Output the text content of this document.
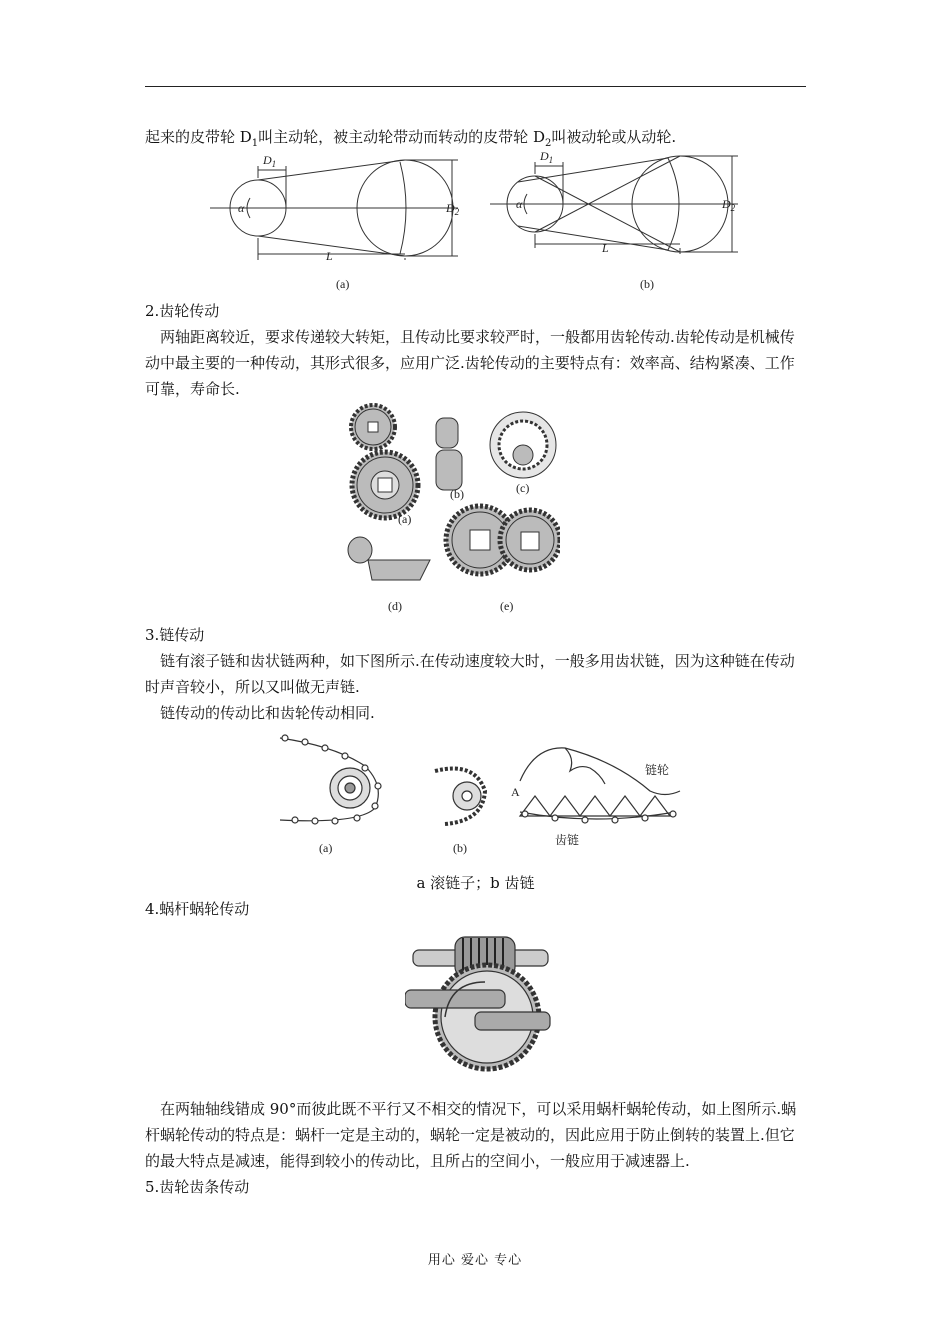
起来的皮带轮 $D_1$叫主动轮，被主动轮带动而转动的皮带轮 $D_2$叫被动轮或从动轮.

$D_1$
α	$D_2$
L
(a)
$D_1$
α	$D_2$
L
(b)

2.齿轮传动

两轴距离较近，要求传递较大转矩，且传动比要求较严时，一般都用齿轮传动.齿轮传动是机械传动中最主要的一种传动，其形式很多，应用广泛.齿轮传动的主要特点有：效率高、结构紧凑、工作可靠，寿命长.

(a)
(b)	(c)
(d)	(e)

3.链传动

链有滚子链和齿状链两种，如下图所示.在传动速度较大时，一般多用齿状链，因为这种链在传动时声音较小，所以又叫做无声链.

链传动的传动比和齿轮传动相同.

(a)	(b)
链轮
A
齿链
a 滚链子；b 齿链

4.蜗杆蜗轮传动

在两轴轴线错成 90°而彼此既不平行又不相交的情况下，可以采用蜗杆蜗轮传动，如上图所示.蜗杆蜗轮传动的特点是：蜗杆一定是主动的，蜗轮一定是被动的，因此应用于防止倒转的装置上.但它的最大特点是减速，能得到较小的传动比，且所占的空间小，一般应用于减速器上.

5.齿轮齿条传动

用心 爱心 专心
